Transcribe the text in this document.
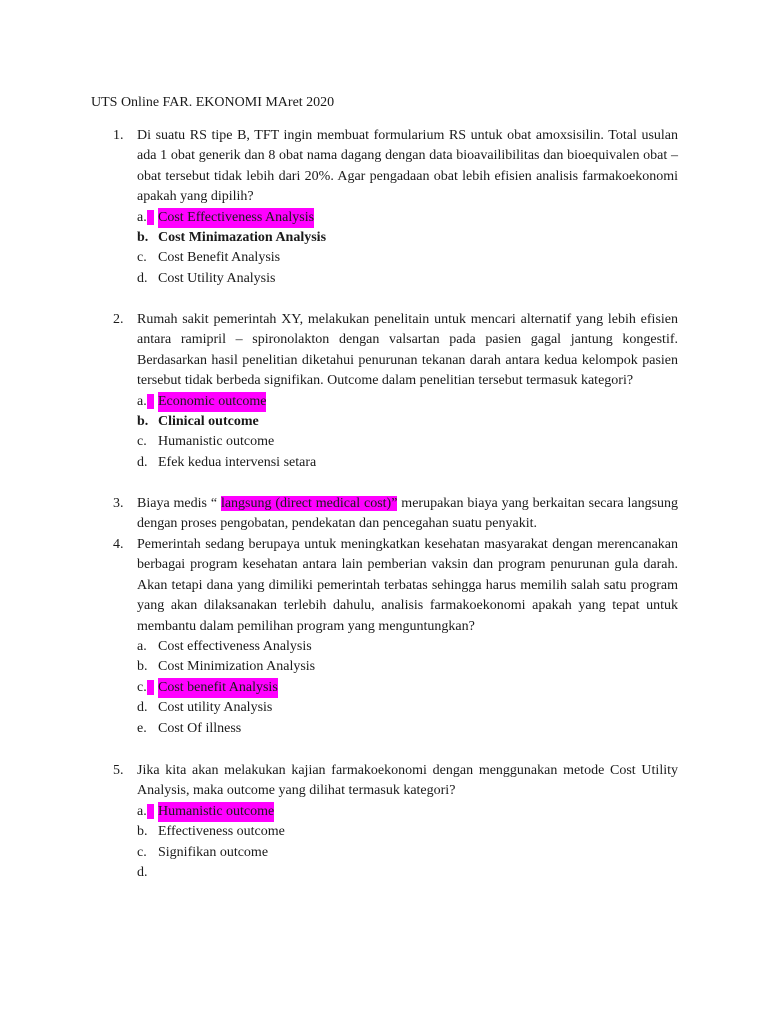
UTS Online FAR. EKONOMI MAret 2020
1. Di suatu RS tipe B, TFT ingin membuat formularium RS untuk obat amoxsisilin. Total usulan ada 1 obat generik dan 8 obat nama dagang dengan data bioavailibilitas dan bioequivalen obat – obat tersebut tidak lebih dari 20%. Agar pengadaan obat lebih efisien analisis farmakoekonomi apakah yang dipilih?
a. Cost Effectiveness Analysis
b. Cost Minimazation Analysis
c. Cost Benefit Analysis
d. Cost Utility Analysis
2. Rumah sakit pemerintah XY, melakukan penelitain untuk mencari alternatif yang lebih efisien antara ramipril – spironolakton dengan valsartan pada pasien gagal jantung kongestif. Berdasarkan hasil penelitian diketahui penurunan tekanan darah antara kedua kelompok pasien tersebut tidak berbeda signifikan. Outcome dalam penelitian tersebut termasuk kategori?
a. Economic outcome
b. Clinical outcome
c. Humanistic outcome
d. Efek kedua intervensi setara
3. Biaya medis “ langsung (direct medical cost)” merupakan biaya yang berkaitan secara langsung dengan proses pengobatan, pendekatan dan pencegahan suatu penyakit.
4. Pemerintah sedang berupaya untuk meningkatkan kesehatan masyarakat dengan merencanakan berbagai program kesehatan antara lain pemberian vaksin dan program penurunan gula darah. Akan tetapi dana yang dimiliki pemerintah terbatas sehingga harus memilih salah satu program yang akan dilaksanakan terlebih dahulu, analisis farmakoekonomi apakah yang tepat untuk membantu dalam pemilihan program yang menguntungkan?
a. Cost effectiveness Analysis
b. Cost Minimization Analysis
c. Cost benefit Analysis
d. Cost utility Analysis
e. Cost Of illness
5. Jika kita akan melakukan kajian farmakoekonomi dengan menggunakan metode Cost Utility Analysis, maka outcome yang dilihat termasuk kategori?
a. Humanistic outcome
b. Effectiveness outcome
c. Signifikan outcome
d.
